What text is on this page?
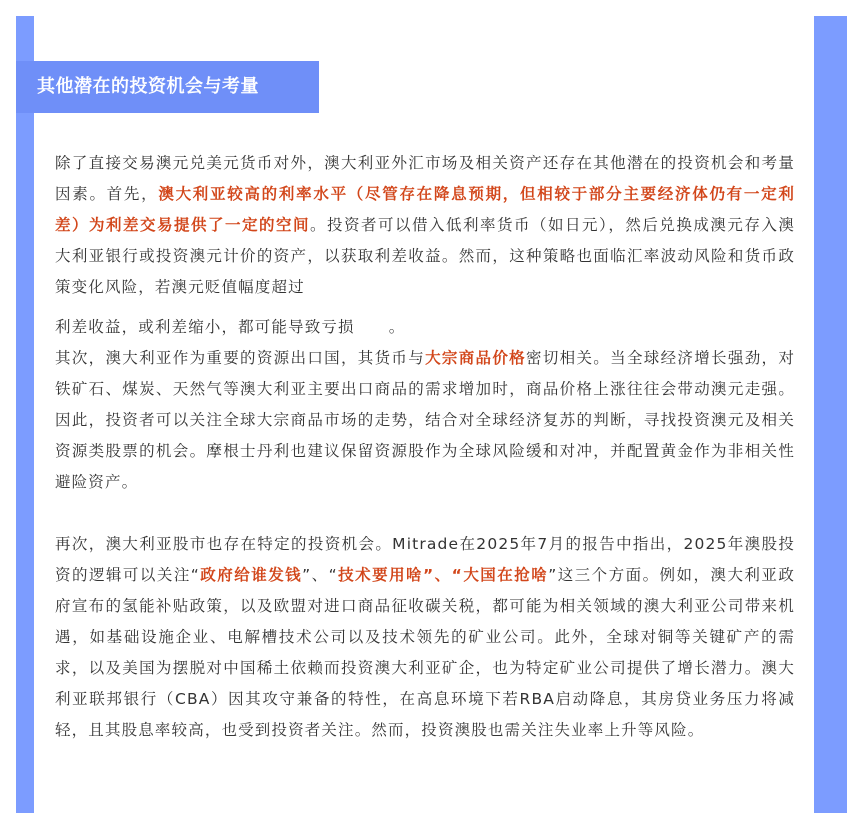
其他潜在的投资机会与考量

除了直接交易澳元兑美元货币对外，澳大利亚外汇市场及相关资产还存在其他潜在的投资机会和考量因素。首先，澳大利亚较高的利率水平（尽管存在降息预期，但相较于部分主要经济体仍有一定利差）为利差交易提供了一定的空间。投资者可以借入低利率货币（如日元），然后兑换成澳元存入澳大利亚银行或投资澳元计价的资产，以获取利差收益。然而，这种策略也面临汇率波动风险和货币政策变化风险，若澳元贬值幅度超过

利差收益，或利差缩小，都可能导致亏损 。

其次，澳大利亚作为重要的资源出口国，其货币与大宗商品价格密切相关。当全球经济增长强劲，对铁矿石、煤炭、天然气等澳大利亚主要出口商品的需求增加时，商品价格上涨往往会带动澳元走强。因此，投资者可以关注全球大宗商品市场的走势，结合对全球经济复苏的判断，寻找投资澳元及相关资源类股票的机会。摩根士丹利也建议保留资源股作为全球风险缓和对冲，并配置黄金作为非相关性避险资产。

再次，澳大利亚股市也存在特定的投资机会。Mitrade在2025年7月的报告中指出，2025年澳股投资的逻辑可以关注“政府给谁发钱”、“技术要用啥”、“大国在抢啥”这三个方面。例如，澳大利亚政府宣布的氢能补贴政策，以及欧盟对进口商品征收碳关税，都可能为相关领域的澳大利亚公司带来机遇，如基础设施企业、电解槽技术公司以及技术领先的矿业公司。此外，全球对铜等关键矿产的需求，以及美国为摆脱对中国稀土依赖而投资澳大利亚矿企，也为特定矿业公司提供了增长潜力。澳大利亚联邦银行（CBA）因其攻守兼备的特性，在高息环境下若RBA启动降息，其房贷业务压力将减轻，且其股息率较高，也受到投资者关注。然而，投资澳股也需关注失业率上升等风险。
